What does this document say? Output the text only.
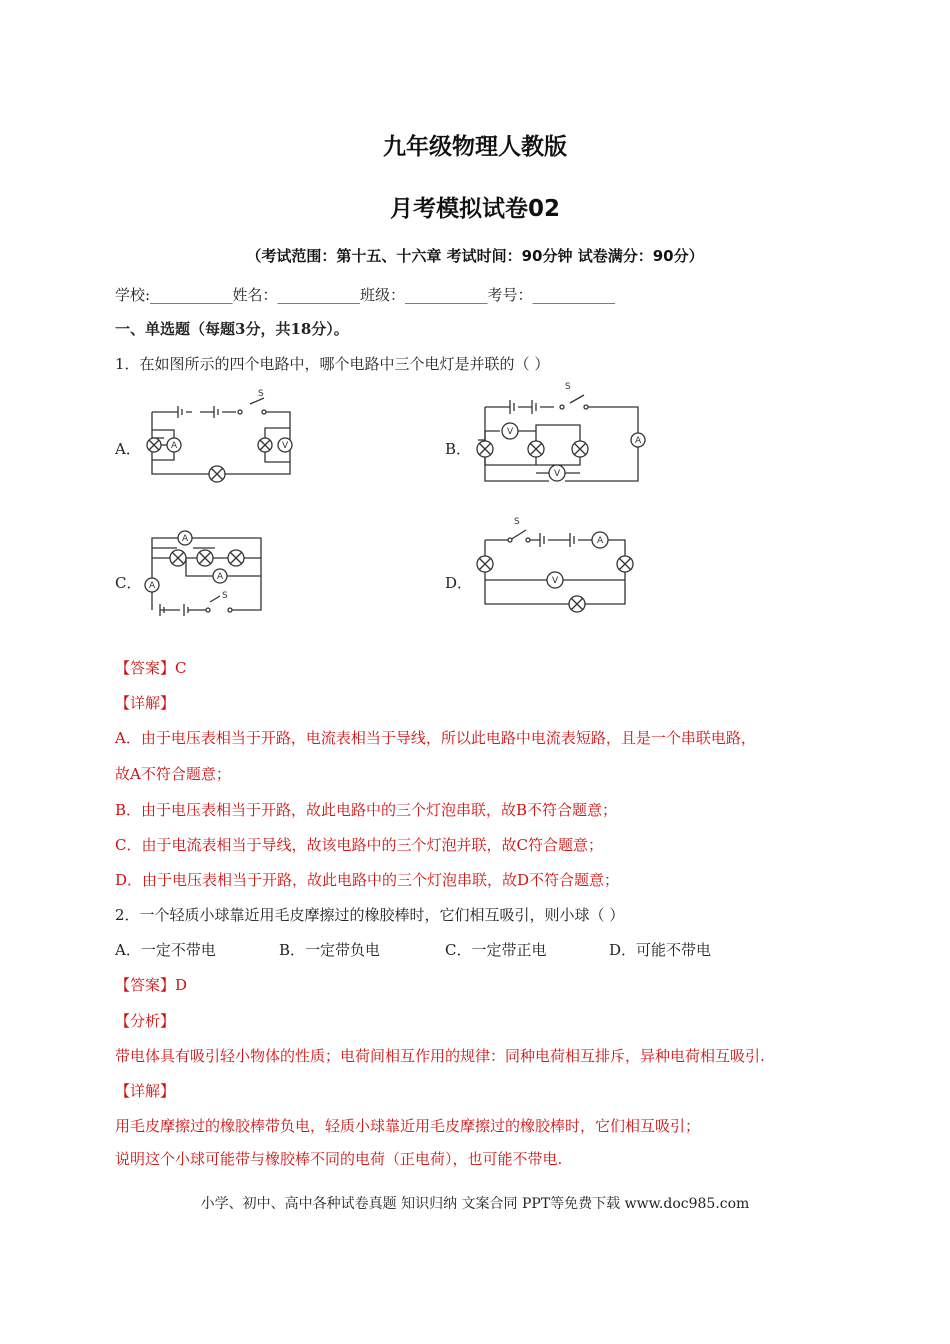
九年级物理人教版
月考模拟试卷02
（考试范围：第十五、十六章 考试时间：90分钟 试卷满分：90分）
学校:___________姓名：___________班级：___________考号：___________
一、单选题（每题3分，共18分）。
1．在如图所示的四个电路中，哪个电路中三个电灯是并联的（ ）
A．	B．
C．	D．
S
A	V
S
A
V
V
A
A
A
S
S
A
V
【答案】C
【详解】
A．由于电压表相当于开路，电流表相当于导线，所以此电路中电流表短路，且是一个串联电路，
故A不符合题意；
B．由于电压表相当于开路，故此电路中的三个灯泡串联，故B不符合题意；
C．由于电流表相当于导线，故该电路中的三个灯泡并联，故C符合题意；
D．由于电压表相当于开路，故此电路中的三个灯泡串联，故D不符合题意；
2．一个轻质小球靠近用毛皮摩擦过的橡胶棒时，它们相互吸引，则小球（ ）
A．一定不带电	B．一定带负电	C．一定带正电	D．可能不带电
【答案】D
【分析】
带电体具有吸引轻小物体的性质；电荷间相互作用的规律：同种电荷相互排斥，异种电荷相互吸引.
【详解】
用毛皮摩擦过的橡胶棒带负电，轻质小球靠近用毛皮摩擦过的橡胶棒时，它们相互吸引；
说明这个小球可能带与橡胶棒不同的电荷（正电荷），也可能不带电.
小学、初中、高中各种试卷真题 知识归纳 文案合同 PPT等免费下载 www.doc985.com
